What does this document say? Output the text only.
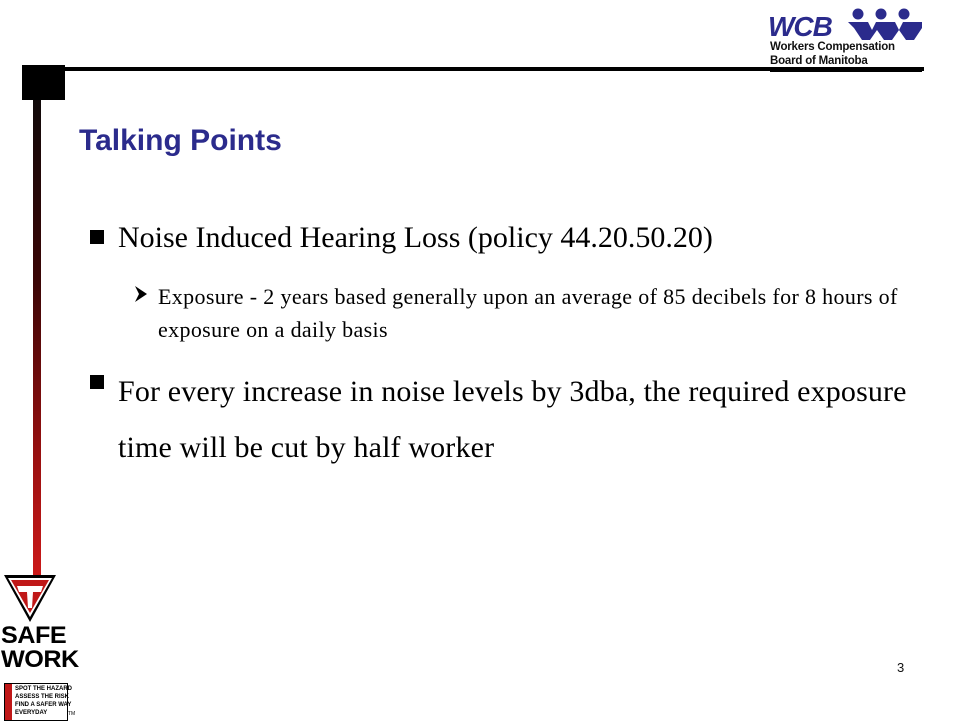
WCB
Workers Compensation
Board of Manitoba
Talking Points
Noise Induced Hearing Loss (policy 44.20.50.20)
Exposure - 2 years based generally upon an average of 85 decibels for 8 hours of exposure on a daily basis
For every increase in noise levels by 3dba, the required exposure time will be cut by half worker
3
SAFE
WORK
SPOT THE HAZARD
ASSESS THE RISK
FIND A SAFER WAY
EVERYDAY	TM
